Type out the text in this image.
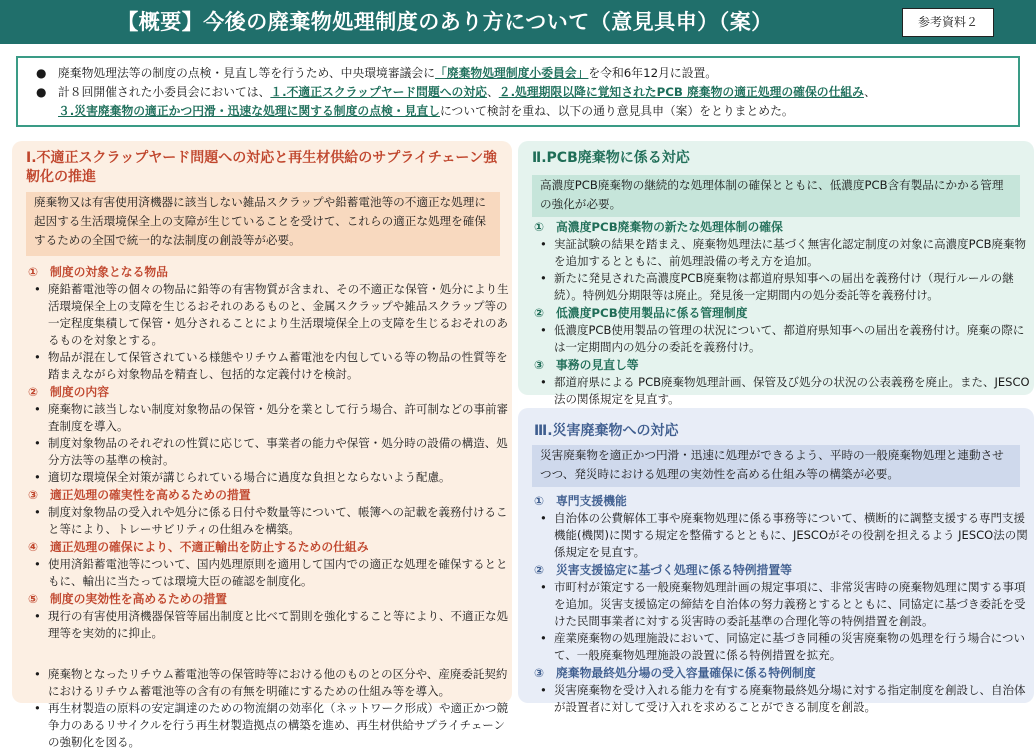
【概要】今後の廃棄物処理制度のあり方について（意見具申）（案）	参考資料２
● 廃棄物処理法等の制度の点検・見直し等を行うため、中央環境審議会に「廃棄物処理制度小委員会」を令和6年12月に設置。
● 計８回開催された小委員会においては、１.不適正スクラップヤード問題への対応、２.処理期限以降に覚知されたPCB 廃棄物の適正処理の確保の仕組み、
３.災害廃棄物の適正かつ円滑・迅速な処理に関する制度の点検・見直しについて検討を重ね、以下の通り意見具申（案）をとりまとめた。
Ⅰ.不適正スクラップヤード問題への対応と再生材供給のサプライチェーン強靭化の推進
廃棄物又は有害使用済機器に該当しない雑品スクラップや鉛蓄電池等の不適正な処理に起因する生活環境保全上の支障が生じていることを受けて、これらの適正な処理を確保するための全国で統一的な法制度の創設等が必要。
① 制度の対象となる物品
• 廃鉛蓄電池等の個々の物品に鉛等の有害物質が含まれ、その不適正な保管・処分により生活環境保全上の支障を生じるおそれのあるものと、金属スクラップや雑品スクラップ等の一定程度集積して保管・処分されることにより生活環境保全上の支障を生じるおそれのあるものを対象とする。
• 物品が混在して保管されている様態やリチウム蓄電池を内包している等の物品の性質等を踏まえながら対象物品を精査し、包括的な定義付けを検討。
② 制度の内容
• 廃棄物に該当しない制度対象物品の保管・処分を業として行う場合、許可制などの事前審査制度を導入。
• 制度対象物品のそれぞれの性質に応じて、事業者の能力や保管・処分時の設備の構造、処分方法等の基準の検討。
• 適切な環境保全対策が講じられている場合に過度な負担とならないよう配慮。
③ 適正処理の確実性を高めるための措置
• 制度対象物品の受入れや処分に係る日付や数量等について、帳簿への記載を義務付けること等により、トレーサビリティの仕組みを構築。
④ 適正処理の確保により、不適正輸出を防止するための仕組み
• 使用済鉛蓄電池等について、国内処理原則を適用して国内での適正な処理を確保するとともに、輸出に当たっては環境大臣の確認を制度化。
⑤ 制度の実効性を高めるための措置
• 現行の有害使用済機器保管等届出制度と比べて罰則を強化すること等により、不適正な処理等を実効的に抑止。
• 廃棄物となったリチウム蓄電池等の保管時等における他のものとの区分や、産廃委託契約におけるリチウム蓄電池等の含有の有無を明確にするための仕組み等を導入。
• 再生材製造の原料の安定調達のための物流網の効率化（ネットワーク形成）や適正かつ競争力のあるリサイクルを行う再生材製造拠点の構築を進め、再生材供給サプライチェーンの強靭化を図る。
Ⅱ.PCB廃棄物に係る対応
高濃度PCB廃棄物の継続的な処理体制の確保とともに、低濃度PCB含有製品にかかる管理の強化が必要。
① 高濃度PCB廃棄物の新たな処理体制の確保
• 実証試験の結果を踏まえ、廃棄物処理法に基づく無害化認定制度の対象に高濃度PCB廃棄物を追加するとともに、前処理設備の考え方を追加。
• 新たに発見された高濃度PCB廃棄物は都道府県知事への届出を義務付け（現行ルールの継続）。特例処分期限等は廃止。発見後一定期間内の処分委託等を義務付け。
② 低濃度PCB使用製品に係る管理制度
• 低濃度PCB使用製品の管理の状況について、都道府県知事への届出を義務付け。廃棄の際には一定期間内の処分の委託を義務付け。
③ 事務の見直し等
• 都道府県による PCB廃棄物処理計画、保管及び処分の状況の公表義務を廃止。また、JESCO法の関係規定を見直す。
Ⅲ.災害廃棄物への対応
災害廃棄物を適正かつ円滑・迅速に処理ができるよう、平時の一般廃棄物処理と連動させつつ、発災時における処理の実効性を高める仕組み等の構築が必要。
① 専門支援機能
• 自治体の公費解体工事や廃棄物処理に係る事務等について、横断的に調整支援する専門支援機能(機関)に関する規定を整備するとともに、JESCOがその役割を担えるよう JESCO法の関係規定を見直す。
② 災害支援協定に基づく処理に係る特例措置等
• 市町村が策定する一般廃棄物処理計画の規定事項に、非常災害時の廃棄物処理に関する事項を追加。災害支援協定の締結を自治体の努力義務とするとともに、同協定に基づき委託を受けた民間事業者に対する災害時の委託基準の合理化等の特例措置を創設。
• 産業廃棄物の処理施設において、同協定に基づき同種の災害廃棄物の処理を行う場合について、一般廃棄物処理施設の設置に係る特例措置を拡充。
③ 廃棄物最終処分場の受入容量確保に係る特例制度
• 災害廃棄物を受け入れる能力を有する廃棄物最終処分場に対する指定制度を創設し、自治体が設置者に対して受け入れを求めることができる制度を創設。
